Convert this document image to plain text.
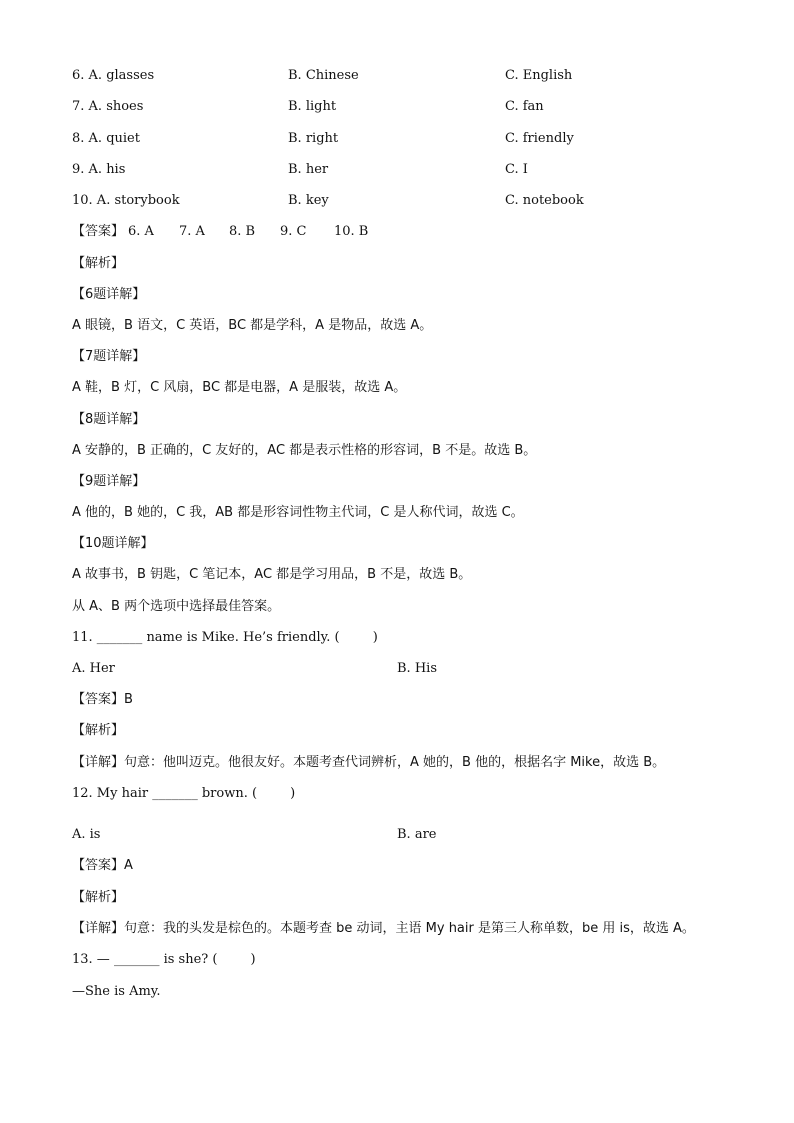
6. A. glasses	B. Chinese	C. English
7. A. shoes	B. light	C. fan
8. A. quiet	B. right	C. friendly
9. A. his	B. her	C. I
10. A. storybook	B. key	C. notebook
【答案】 6. A 7. A 8. B 9. C 10. B
【解析】
【6题详解】
A 眼镜，B 语文，C 英语，BC 都是学科，A 是物品，故选 A。
【7题详解】
A 鞋，B 灯，C 风扇，BC 都是电器，A 是服装，故选 A。
【8题详解】
A 安静的，B 正确的，C 友好的，AC 都是表示性格的形容词，B 不是。故选 B。
【9题详解】
A 他的，B 她的，C 我，AB 都是形容词性物主代词，C 是人称代词，故选 C。
【10题详解】
A 故事书，B 钥匙，C 笔记本，AC 都是学习用品，B 不是，故选 B。
从 A、B 两个选项中选择最佳答案。
11. _______ name is Mike. He’s friendly. (        )
A. Her	B. His
【答案】B
【解析】
【详解】句意：他叫迈克。他很友好。本题考查代词辨析，A 她的，B 他的，根据名字 Mike，故选 B。
12. My hair _______ brown. (        )
A. is	B. are
【答案】A
【解析】
【详解】句意：我的头发是棕色的。本题考查 be 动词，主语 My hair 是第三人称单数，be 用 is，故选 A。
13. — _______ is she? (        )
—She is Amy.
